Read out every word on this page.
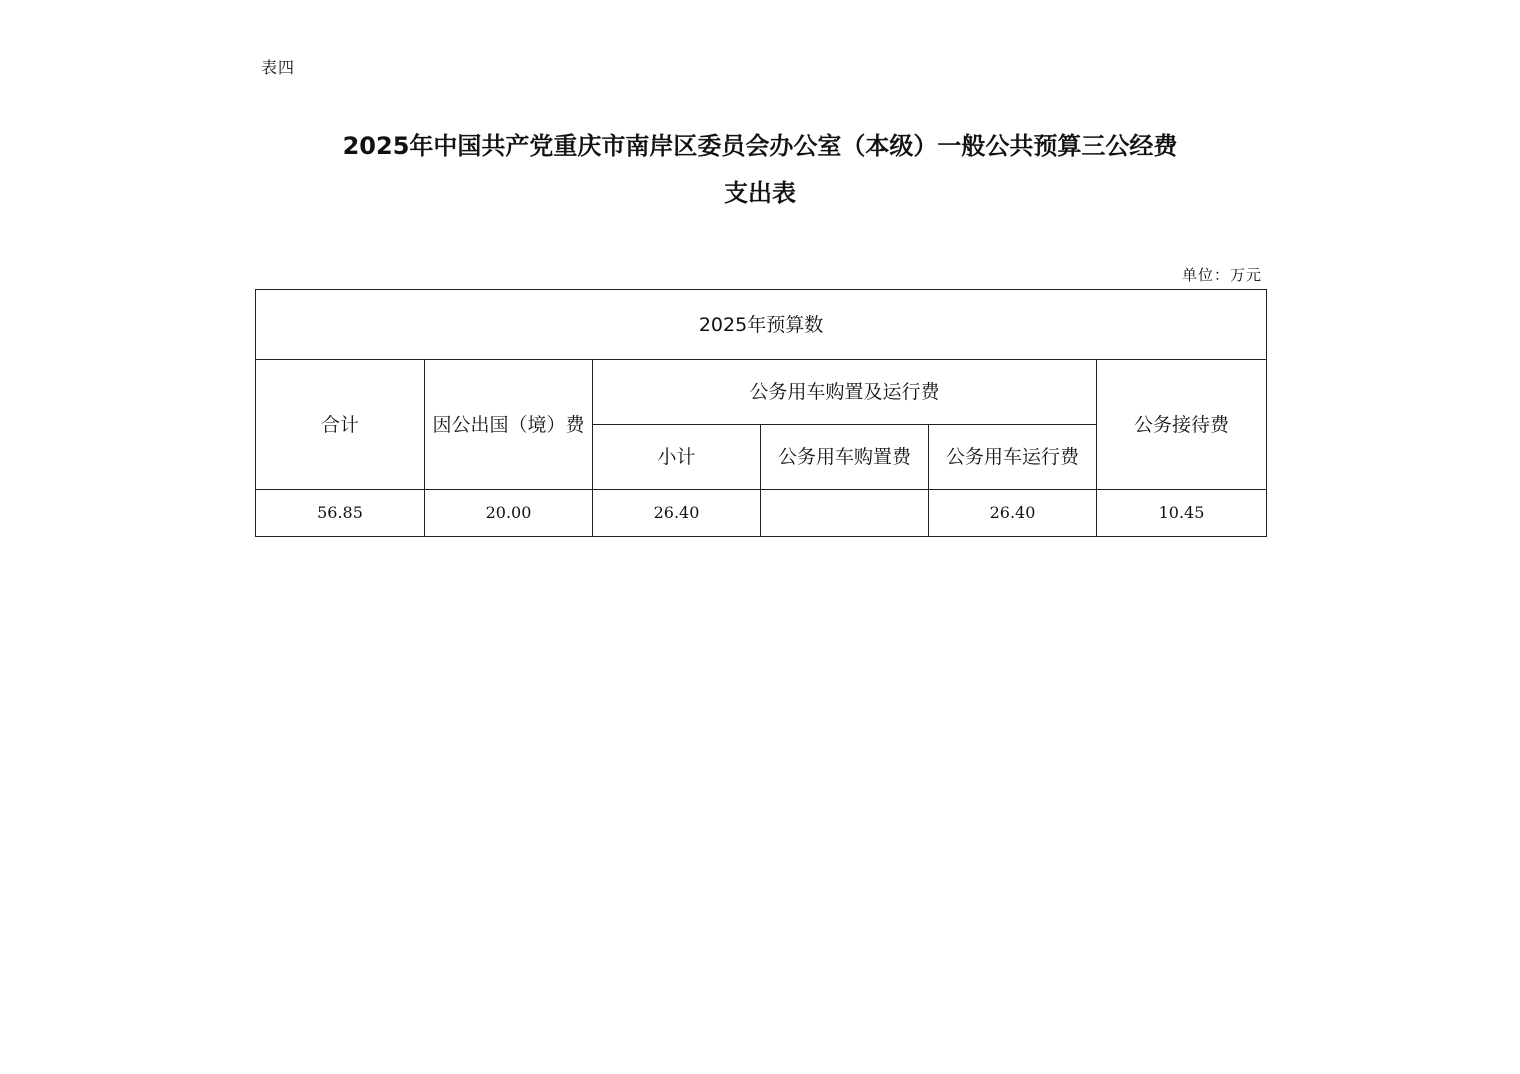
表四
2025年中国共产党重庆市南岸区委员会办公室（本级）一般公共预算三公经费
支出表
单位：万元
2025年预算数					
合计	因公出国（境）费	公务用车购置及运行费			公务接待费
		小计	公务用车购置费	公务用车运行费	
56.85	20.00	26.40		26.40	10.45
